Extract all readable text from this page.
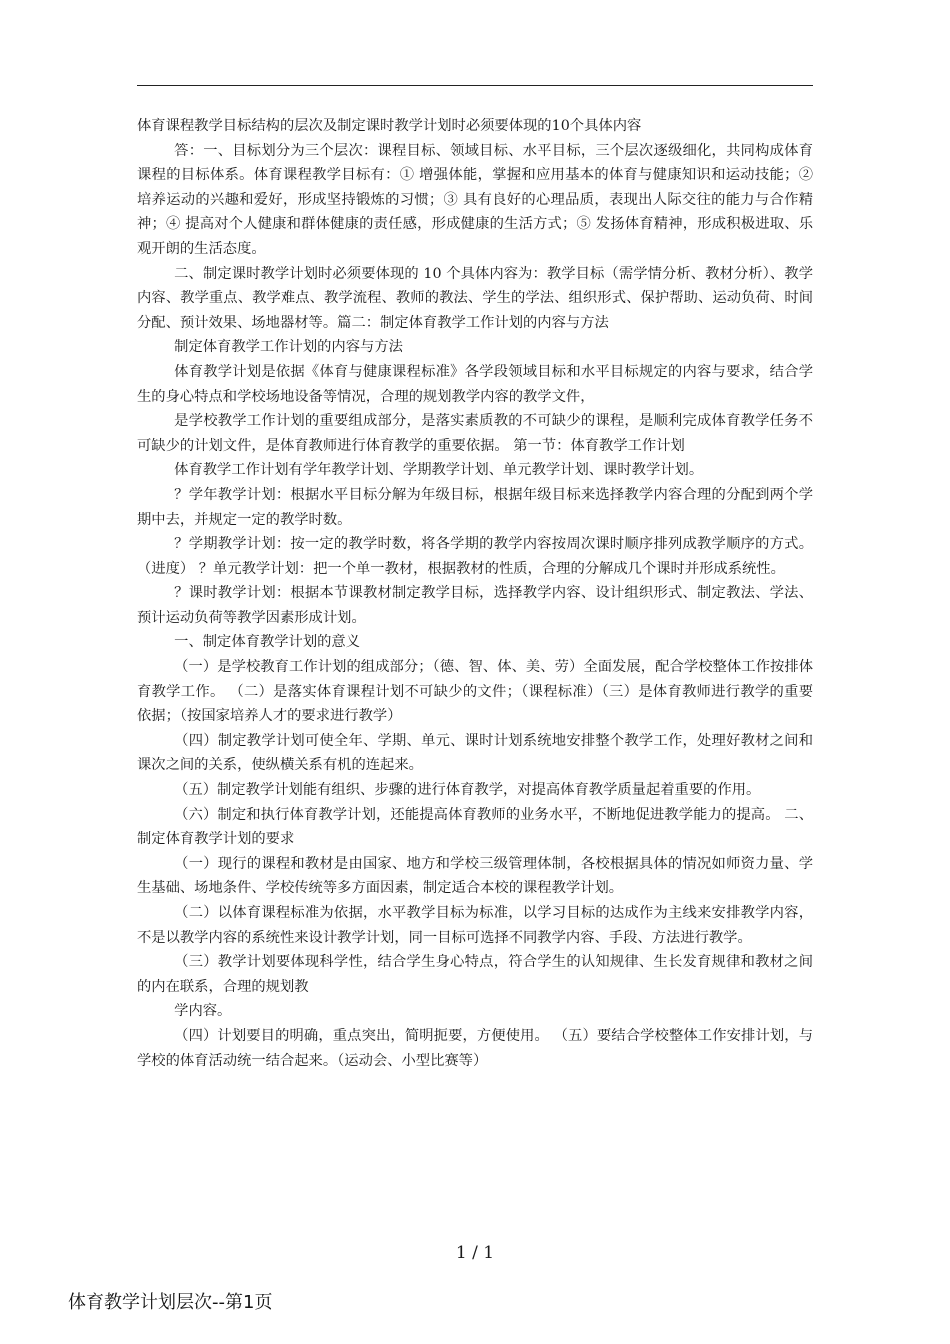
体育课程教学目标结构的层次及制定课时教学计划时必须要体现的10个具体内容

答：一、目标划分为三个层次：课程目标、领域目标、水平目标，三个层次逐级细化，共同构成体育课程的目标体系。体育课程教学目标有：① 增强体能，掌握和应用基本的体育与健康知识和运动技能；② 培养运动的兴趣和爱好，形成坚持锻炼的习惯；③ 具有良好的心理品质，表现出人际交往的能力与合作精神；④ 提高对个人健康和群体健康的责任感，形成健康的生活方式；⑤ 发扬体育精神，形成积极进取、乐观开朗的生活态度。

二、制定课时教学计划时必须要体现的 10 个具体内容为：教学目标（需学情分析、教材分析）、教学内容、教学重点、教学难点、教学流程、教师的教法、学生的学法、组织形式、保护帮助、运动负荷、时间分配、预计效果、场地器材等。篇二：制定体育教学工作计划的内容与方法

制定体育教学工作计划的内容与方法

体育教学计划是依据《体育与健康课程标准》各学段领域目标和水平目标规定的内容与要求，结合学生的身心特点和学校场地设备等情况，合理的规划教学内容的教学文件，

是学校教学工作计划的重要组成部分，是落实素质教的不可缺少的课程，是顺利完成体育教学任务不可缺少的计划文件，是体育教师进行体育教学的重要依据。 第一节：体育教学工作计划

体育教学工作计划有学年教学计划、学期教学计划、单元教学计划、课时教学计划。

？学年教学计划：根据水平目标分解为年级目标，根据年级目标来选择教学内容合理的分配到两个学期中去，并规定一定的教学时数。

？学期教学计划：按一定的教学时数，将各学期的教学内容按周次课时顺序排列成教学顺序的方式。（进度） ？单元教学计划：把一个单一教材，根据教材的性质，合理的分解成几个课时并形成系统性。

？课时教学计划：根据本节课教材制定教学目标，选择教学内容、设计组织形式、制定教法、学法、预计运动负荷等教学因素形成计划。

一、制定体育教学计划的意义

（一）是学校教育工作计划的组成部分；（德、智、体、美、劳）全面发展，配合学校整体工作按排体育教学工作。 （二）是落实体育课程计划不可缺少的文件；（课程标准）（三）是体育教师进行教学的重要依据；（按国家培养人才的要求进行教学）

（四）制定教学计划可使全年、学期、单元、课时计划系统地安排整个教学工作，处理好教材之间和课次之间的关系，使纵横关系有机的连起来。

（五）制定教学计划能有组织、步骤的进行体育教学，对提高体育教学质量起着重要的作用。

（六）制定和执行体育教学计划，还能提高体育教师的业务水平，不断地促进教学能力的提高。 二、制定体育教学计划的要求

（一）现行的课程和教材是由国家、地方和学校三级管理体制，各校根据具体的情况如师资力量、学生基础、场地条件、学校传统等多方面因素，制定适合本校的课程教学计划。

（二）以体育课程标准为依据，水平教学目标为标准，以学习目标的达成作为主线来安排教学内容，不是以教学内容的系统性来设计教学计划，同一目标可选择不同教学内容、手段、方法进行教学。

（三）教学计划要体现科学性，结合学生身心特点，符合学生的认知规律、生长发育规律和教材之间的内在联系，合理的规划教

学内容。

（四）计划要目的明确，重点突出，简明扼要，方便使用。 （五）要结合学校整体工作安排计划，与学校的体育活动统一结合起来。（运动会、小型比赛等）

1 / 1
体育教学计划层次--第1页
